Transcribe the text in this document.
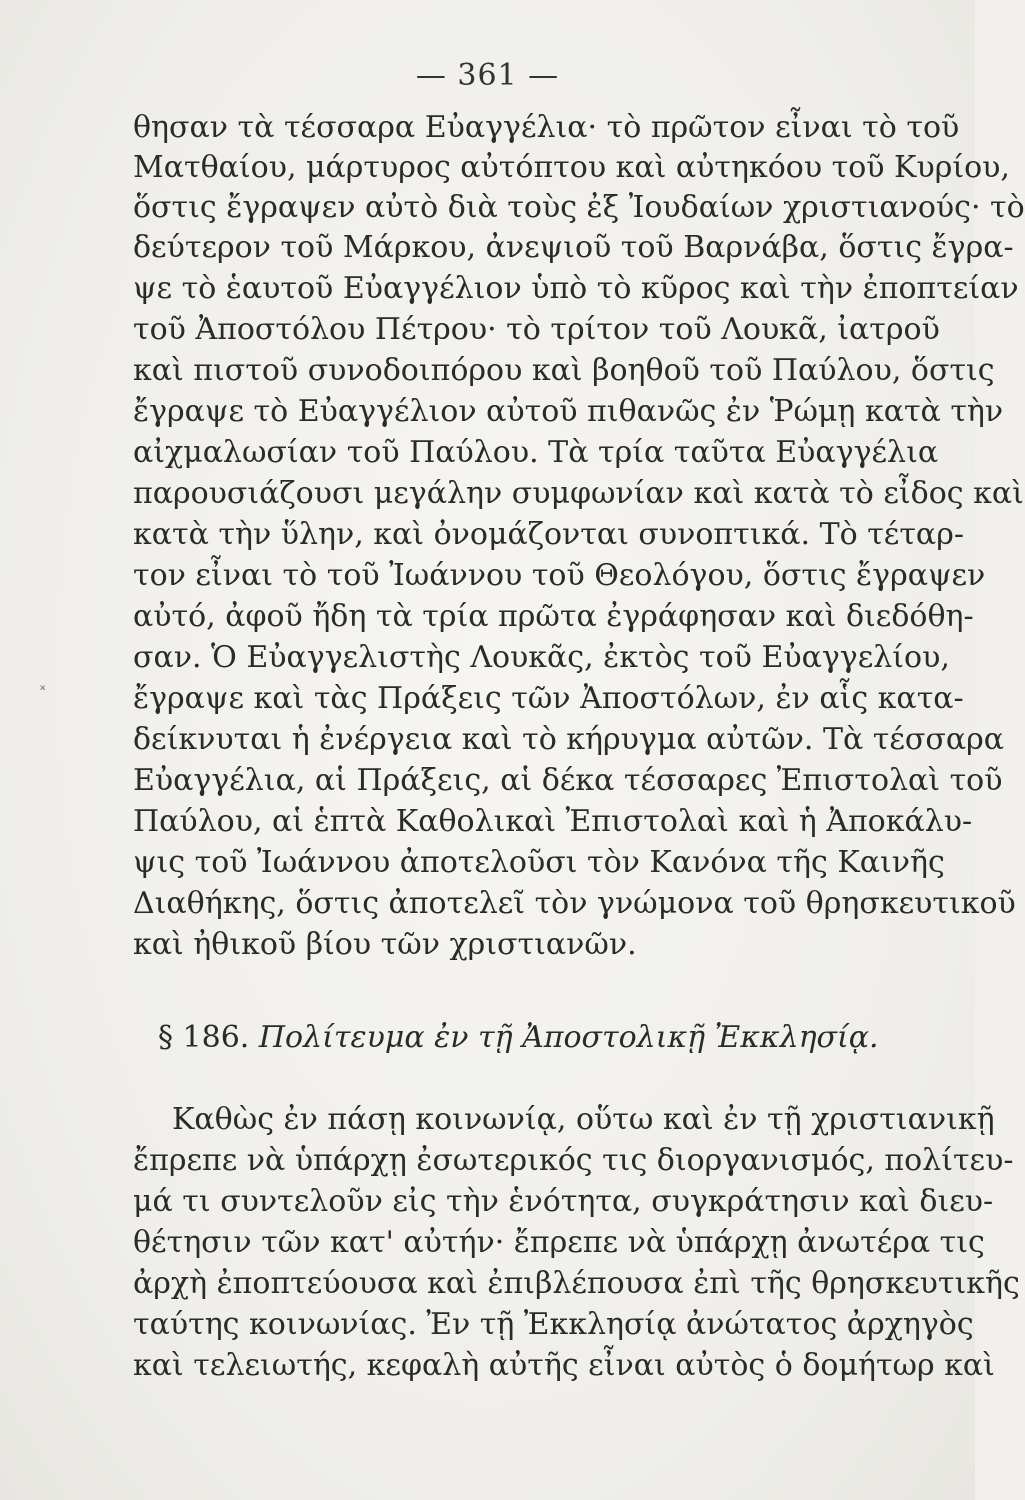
— 361 —
θησαν τὰ τέσσαρα Εὐαγγέλια· τὸ πρῶτον εἶναι τὸ τοῦ
Ματθαίου, μάρτυρος αὐτόπτου καὶ αὐτηκόου τοῦ Κυρίου,
ὅστις ἔγραψεν αὐτὸ διὰ τοὺς ἐξ Ἰουδαίων χριστιανούς· τὸ
δεύτερον τοῦ Μάρκου, ἀνεψιοῦ τοῦ Βαρνάβα, ὅστις ἔγρα-
ψε τὸ ἑαυτοῦ Εὐαγγέλιον ὑπὸ τὸ κῦρος καὶ τὴν ἐποπτείαν
τοῦ Ἀποστόλου Πέτρου· τὸ τρίτον τοῦ Λουκᾶ, ἰατροῦ
καὶ πιστοῦ συνοδοιπόρου καὶ βοηθοῦ τοῦ Παύλου, ὅστις
ἔγραψε τὸ Εὐαγγέλιον αὐτοῦ πιθανῶς ἐν Ῥώμῃ κατὰ τὴν
αἰχμαλωσίαν τοῦ Παύλου. Τὰ τρία ταῦτα Εὐαγγέλια
παρουσιάζουσι μεγάλην συμφωνίαν καὶ κατὰ τὸ εἶδος καὶ
κατὰ τὴν ὕλην, καὶ ὀνομάζονται συνοπτικά. Τὸ τέταρ-
τον εἶναι τὸ τοῦ Ἰωάννου τοῦ Θεολόγου, ὅστις ἔγραψεν
αὐτό, ἀφοῦ ἤδη τὰ τρία πρῶτα ἐγράφησαν καὶ διεδόθη-
σαν. Ὁ Εὐαγγελιστὴς Λουκᾶς, ἐκτὸς τοῦ Εὐαγγελίου,
ἔγραψε καὶ τὰς Πράξεις τῶν Ἀποστόλων, ἐν αἷς κατα-
δείκνυται ἡ ἐνέργεια καὶ τὸ κήρυγμα αὐτῶν. Τὰ τέσσαρα
Εὐαγγέλια, αἱ Πράξεις, αἱ δέκα τέσσαρες Ἐπιστολαὶ τοῦ
Παύλου, αἱ ἑπτὰ Καθολικαὶ Ἐπιστολαὶ καὶ ἡ Ἀποκάλυ-
ψις τοῦ Ἰωάννου ἀποτελοῦσι τὸν Κανόνα τῆς Καινῆς
Διαθήκης, ὅστις ἀποτελεῖ τὸν γνώμονα τοῦ θρησκευτικοῦ
καὶ ἠθικοῦ βίου τῶν χριστιανῶν.
§ 186. Πολίτευμα ἐν τῇ Ἀποστολικῇ Ἐκκλησίᾳ.
Καθὼς ἐν πάσῃ κοινωνίᾳ, οὕτω καὶ ἐν τῇ χριστιανικῇ
ἔπρεπε νὰ ὑπάρχῃ ἐσωτερικός τις διοργανισμός, πολίτευ-
μά τι συντελοῦν εἰς τὴν ἑνότητα, συγκράτησιν καὶ διευ-
θέτησιν τῶν κατ' αὐτήν· ἔπρεπε νὰ ὑπάρχῃ ἀνωτέρα τις
ἀρχὴ ἐποπτεύουσα καὶ ἐπιβλέπουσα ἐπὶ τῆς θρησκευτικῆς
ταύτης κοινωνίας. Ἐν τῇ Ἐκκλησίᾳ ἀνώτατος ἀρχηγὸς
καὶ τελειωτής, κεφαλὴ αὐτῆς εἶναι αὐτὸς ὁ δομήτωρ καὶ
˟
